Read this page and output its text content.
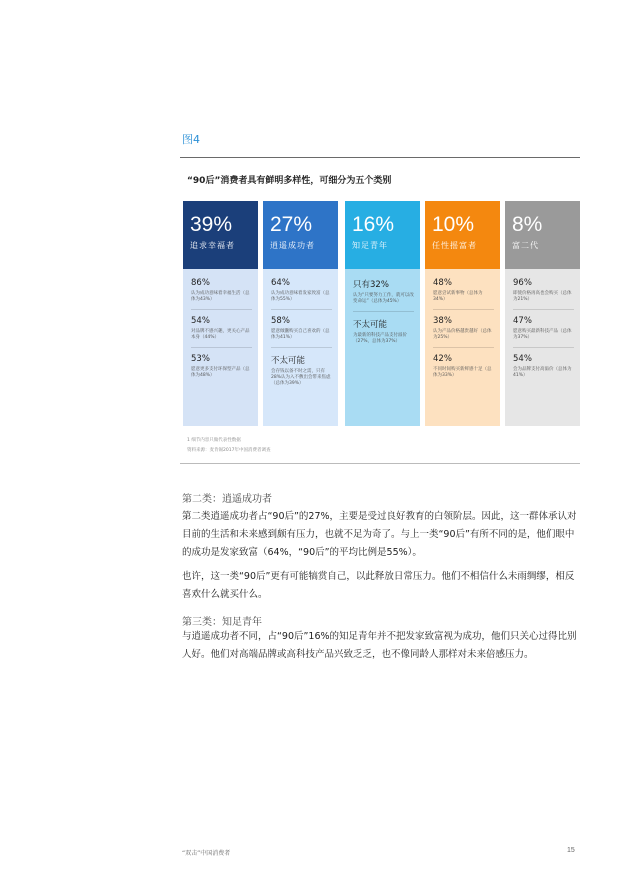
图4
“90后”消费者具有鲜明多样性，可细分为五个类别
39%
追求幸福者
86%
认为成功意味着幸福生活（总体为43%）
54%
对品牌不感兴趣，更关心产品本身（44%）
53%
愿意更多支付环保型产品（总体为48%）
27%
逍遥成功者
64%
认为成功意味着发家致富（总体为55%）
58%
愿意倾囊购买自己喜欢的（总体为41%）
不太可能
会存钱以备不时之需，只有28%认为入不敷出会带来焦虑（总体为39%）
16%
知足青年
只有32%
认为“只要努力工作，就可以改变命运”（总体为45%）
不太可能
为最新的科技产品支付溢价（27%，总体为37%）
10%
任性摇富者
48%
愿意尝试新事物（总体为34%）
38%
认为产品价格越贵越好（总体为25%）
42%
不同时间购买新鲜感十足（总体为33%）
8%
富二代
96%
即使价格再高也会购买（总体为21%）
47%
愿意购买最新科技产品（总体为37%）
54%
会为品牌支付高溢价（总体为41%）
1 细节内容只做代表性数据
资料来源：麦肯锡2017年中国消费者调查
第二类：逍遥成功者

第二类逍遥成功者占“90后”的27%，主要是受过良好教育的白领阶层。因此，这一群体承认对目前的生活和未来感到颇有压力，也就不足为奇了。与上一类“90后”有所不同的是，他们眼中的成功是发家致富（64%，“90后”的平均比例是55%）。

也许，这一类“90后”更有可能犒赏自己，以此释放日常压力。他们不相信什么未雨绸缪，相反喜欢什么就买什么。

第三类：知足青年

与逍遥成功者不同，占“90后”16%的知足青年并不把发家致富视为成功，他们只关心过得比别人好。他们对高端品牌或高科技产品兴致乏乏，也不像同龄人那样对未来倍感压力。

“双击”中国消费者	15
